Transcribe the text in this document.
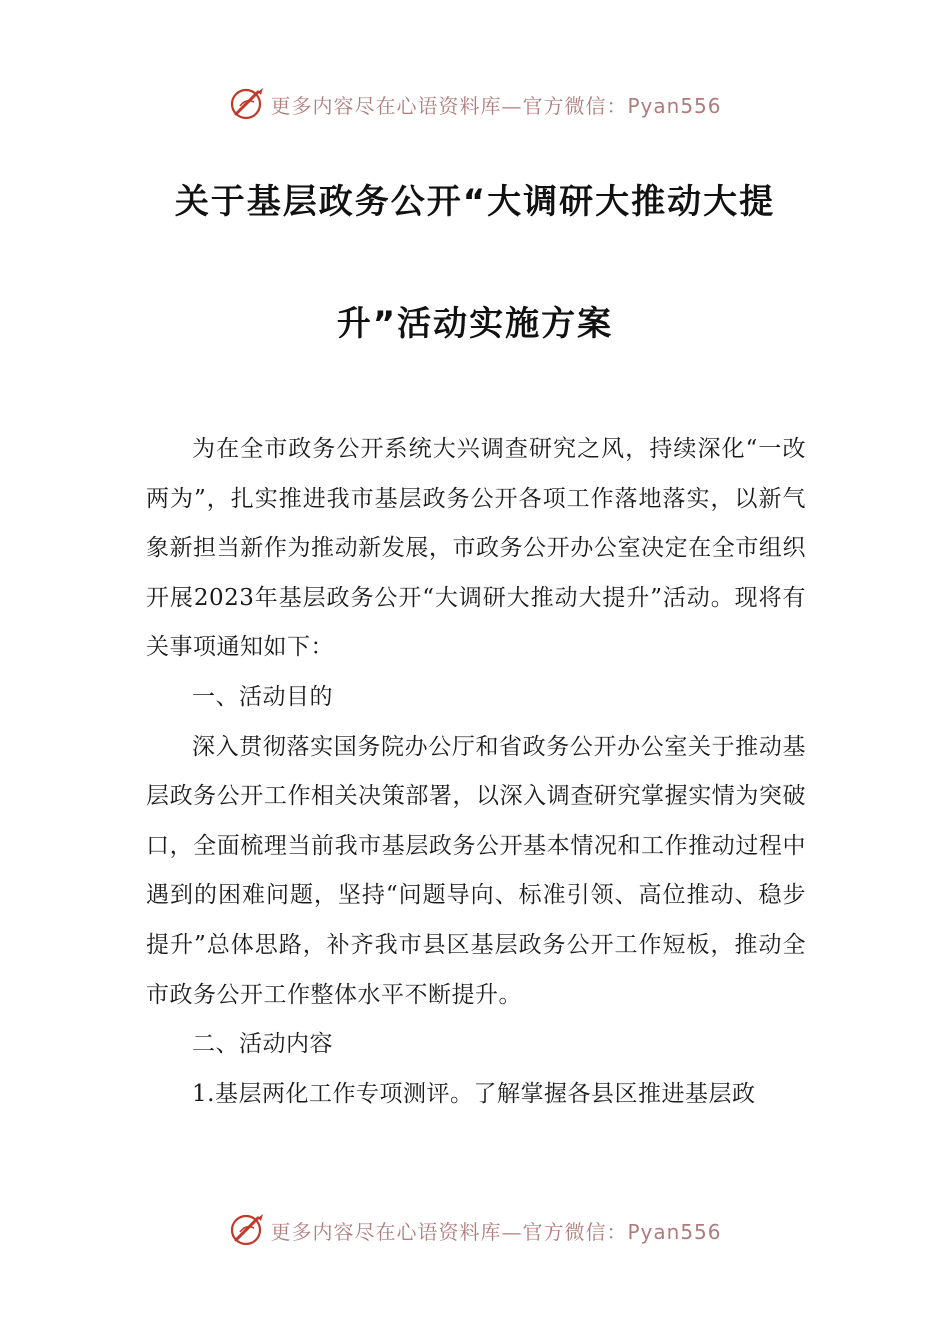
更多内容尽在心语资料库—官方微信：Pyan556
关于基层政务公开“大调研大推动大提
升”活动实施方案

为在全市政务公开系统大兴调查研究之风，持续深化“一改两为”，扎实推进我市基层政务公开各项工作落地落实，以新气象新担当新作为推动新发展，市政务公开办公室决定在全市组织开展2023年基层政务公开“大调研大推动大提升”活动。现将有关事项通知如下：

一、活动目的

深入贯彻落实国务院办公厅和省政务公开办公室关于推动基层政务公开工作相关决策部署，以深入调查研究掌握实情为突破口，全面梳理当前我市基层政务公开基本情况和工作推动过程中遇到的困难问题，坚持“问题导向、标准引领、高位推动、稳步提升”总体思路，补齐我市县区基层政务公开工作短板，推动全市政务公开工作整体水平不断提升。

二、活动内容

1.基层两化工作专项测评。了解掌握各县区推进基层政

更多内容尽在心语资料库—官方微信：Pyan556
